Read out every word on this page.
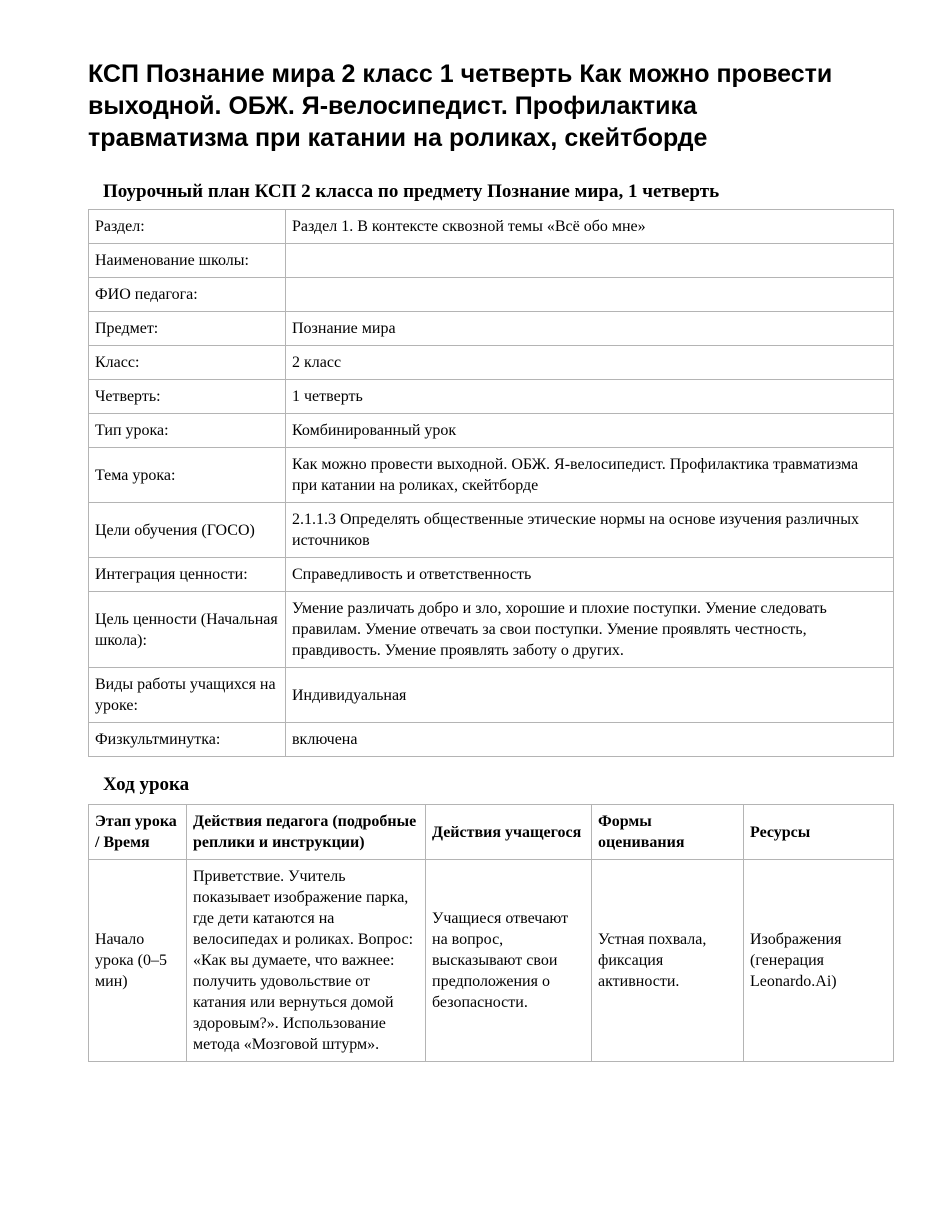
КСП Познание мира 2 класс 1 четверть Как можно провести выходной. ОБЖ. Я-велосипедист. Профилактика травматизма при катании на роликах, скейтборде
Поурочный план КСП 2 класса по предмету Познание мира, 1 четверть
Раздел:	Раздел 1. В контексте сквозной темы «Всё обо мне»
Наименование школы:	
ФИО педагога:	
Предмет:	Познание мира
Класс:	2 класс
Четверть:	1 четверть
Тип урока:	Комбинированный урок
Тема урока:	Как можно провести выходной. ОБЖ. Я-велосипедист. Профилактика травматизма при катании на роликах, скейтборде
Цели обучения (ГОСО)	2.1.1.3 Определять общественные этические нормы на основе изучения различных источников
Интеграция ценности:	Справедливость и ответственность
Цель ценности (Начальная школа):	Умение различать добро и зло, хорошие и плохие поступки. Умение следовать правилам. Умение отвечать за свои поступки. Умение проявлять честность, правдивость. Умение проявлять заботу о других.
Виды работы учащихся на уроке:	Индивидуальная
Физкультминутка:	включена
Ход урока
Этап урока / Время	Действия педагога (подробные реплики и инструкции)	Действия учащегося	Формы оценивания	Ресурсы
Начало урока (0–5 мин)	Приветствие. Учитель показывает изображение парка, где дети катаются на велосипедах и роликах. Вопрос: «Как вы думаете, что важнее: получить удовольствие от катания или вернуться домой здоровым?». Использование метода «Мозговой штурм».	Учащиеся отвечают на вопрос, высказывают свои предположения о безопасности.	Устная похвала, фиксация активности.	Изображения (генерация Leonardo.Ai)
